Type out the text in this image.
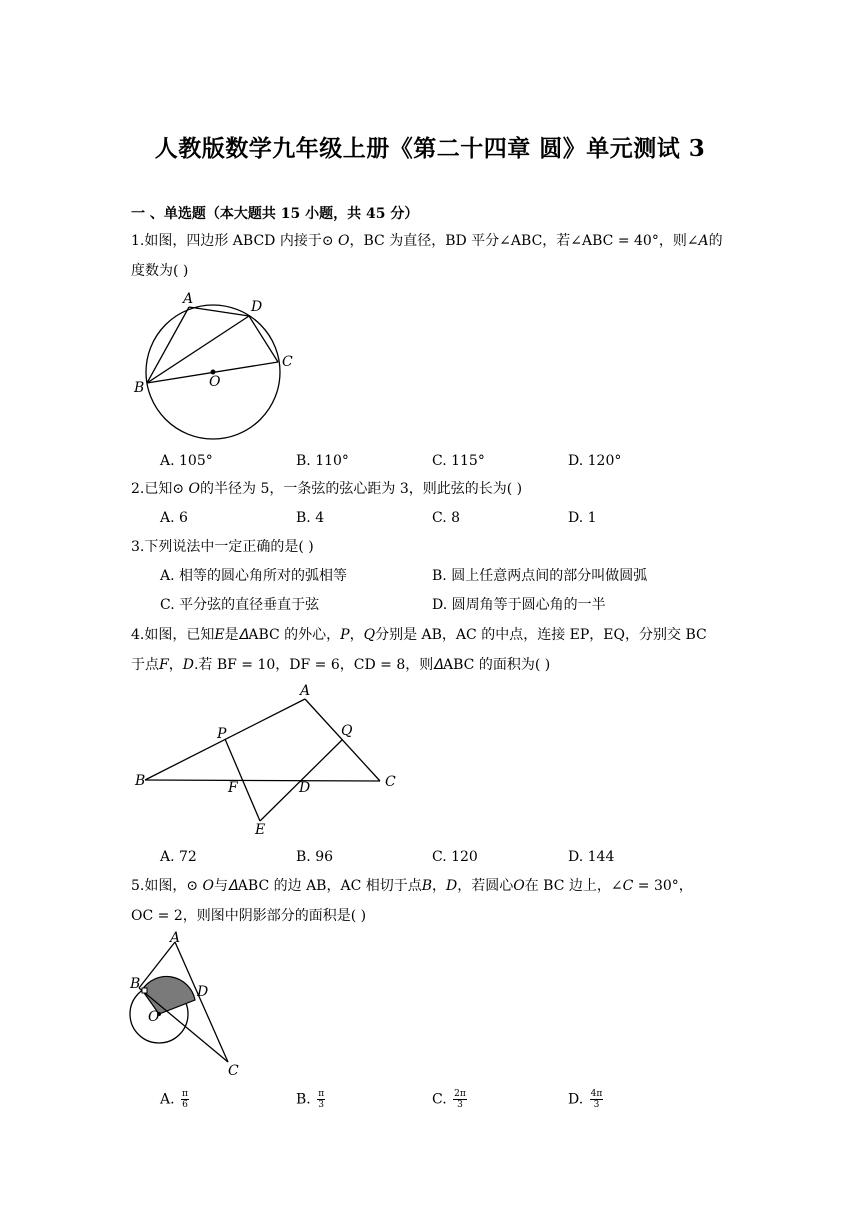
人教版数学九年级上册《第二十四章 圆》单元测试 3
一 、单选题（本大题共 15 小题，共 45 分）
1.如图，四边形 ABCD 内接于⊙ 𝑂，BC 为直径，BD 平分∠ABC，若∠ABC = 40°，则∠𝐴的
度数为( )
A	D
C
B	O
A. 105°	B. 110°	C. 115°	D. 120°
2.已知⊙ 𝑂的半径为 5，一条弦的弦心距为 3，则此弦的长为( )
A. 6	B. 4	C. 8	D. 1
3.下列说法中一定正确的是( )
A. 相等的圆心角所对的弧相等	B. 圆上任意两点间的部分叫做圆弧
C. 平分弦的直径垂直于弦	D. 圆周角等于圆心角的一半
4.如图，已知𝐸是𝛥ABC 的外心，𝑃，𝑄分别是 AB，AC 的中点，连接 EP，EQ，分别交 BC
于点𝐹，𝐷.若 BF = 10，DF = 6，CD = 8，则𝛥ABC 的面积为( )
A
P	Q
B	C
F	D
E
A. 72	B. 96	C. 120	D. 144
5.如图，⊙ 𝑂与𝛥ABC 的边 AB，AC 相切于点𝐵，𝐷，若圆心𝑂在 BC 边上，∠𝐶 = 30°，
OC = 2，则图中阴影部分的面积是( )
A
B	D
O
C
A. $\frac{\pi}{6}$	B. $\frac{\pi}{3}$	C. $\frac{2\pi}{3}$	D. $\frac{4\pi}{3}$
